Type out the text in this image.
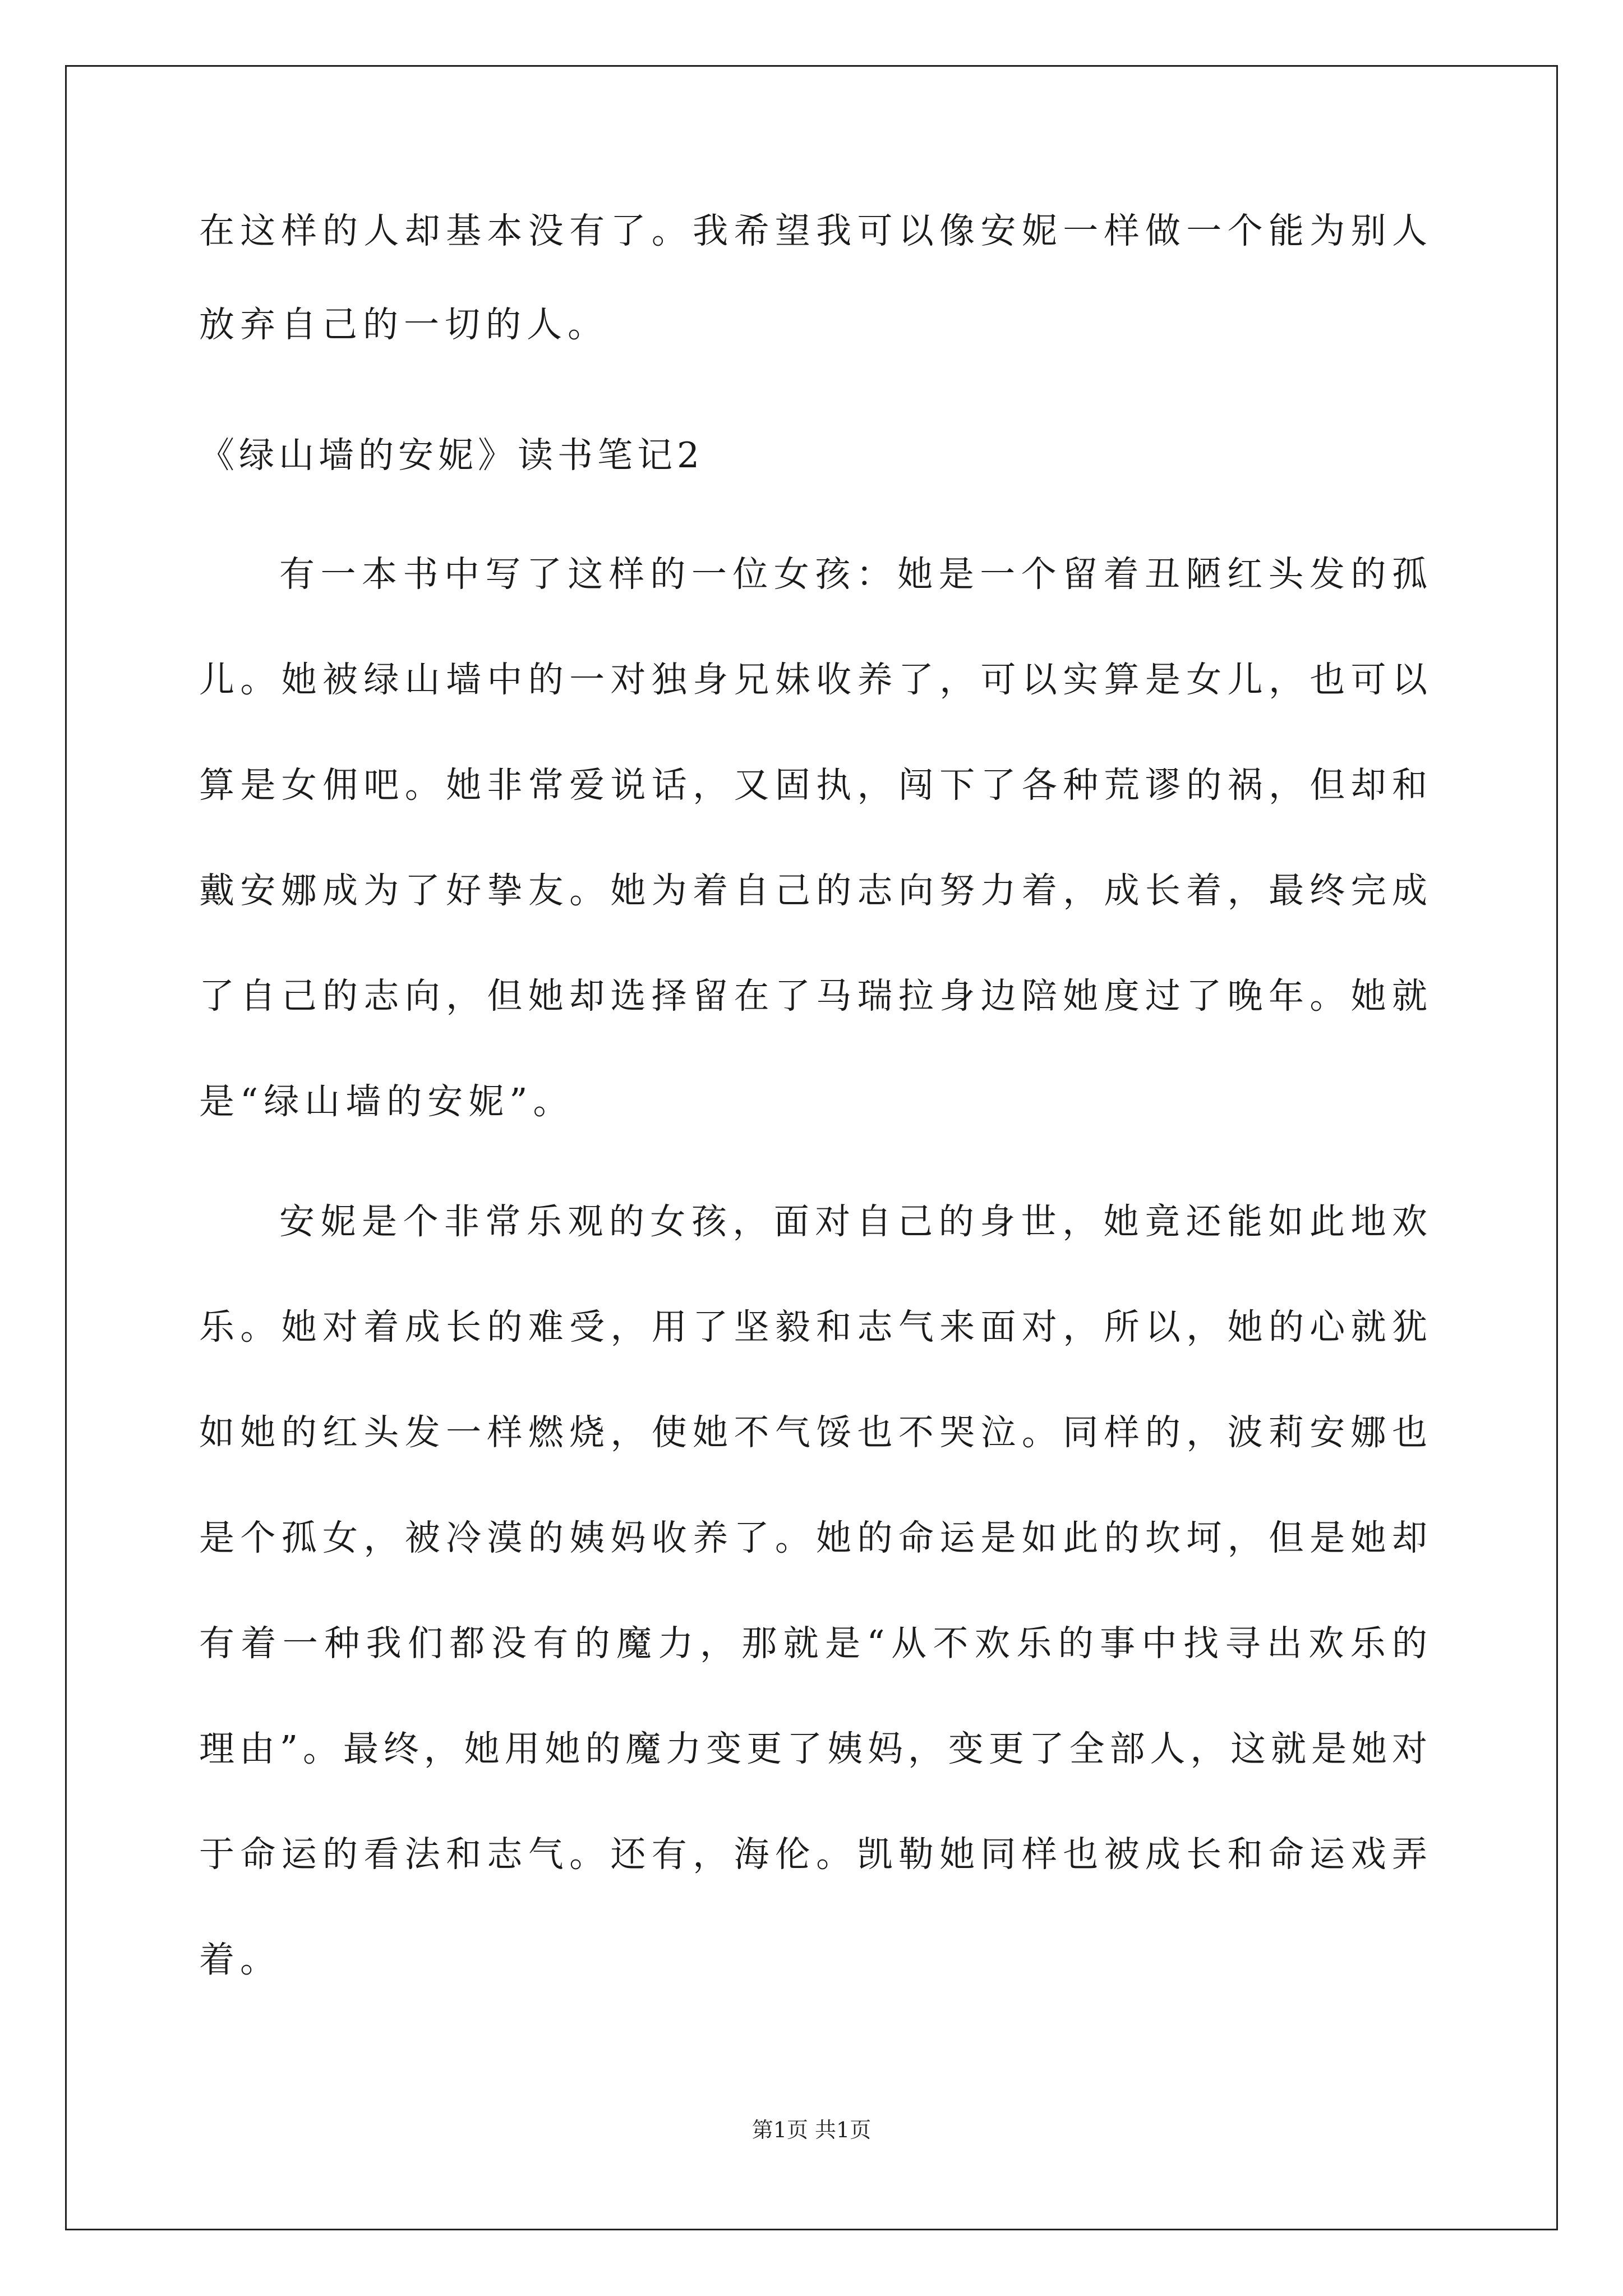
在这样的人却基本没有了。我希望我可以像安妮一样做一个能为别人
放弃自己的一切的人。
《绿山墙的安妮》读书笔记2
有一本书中写了这样的一位女孩：她是一个留着丑陋红头发的孤
儿。她被绿山墙中的一对独身兄妹收养了，可以实算是女儿，也可以
算是女佣吧。她非常爱说话，又固执，闯下了各种荒谬的祸，但却和
戴安娜成为了好挚友。她为着自己的志向努力着，成长着，最终完成
了自己的志向，但她却选择留在了马瑞拉身边陪她度过了晚年。她就
是“绿山墙的安妮”。
安妮是个非常乐观的女孩，面对自己的身世，她竟还能如此地欢
乐。她对着成长的难受，用了坚毅和志气来面对，所以，她的心就犹
如她的红头发一样燃烧，使她不气馁也不哭泣。同样的，波莉安娜也
是个孤女，被冷漠的姨妈收养了。她的命运是如此的坎坷，但是她却
有着一种我们都没有的魔力，那就是“从不欢乐的事中找寻出欢乐的
理由”。最终，她用她的魔力变更了姨妈，变更了全部人，这就是她对
于命运的看法和志气。还有，海伦。凯勒她同样也被成长和命运戏弄
着。
第1页 共1页
